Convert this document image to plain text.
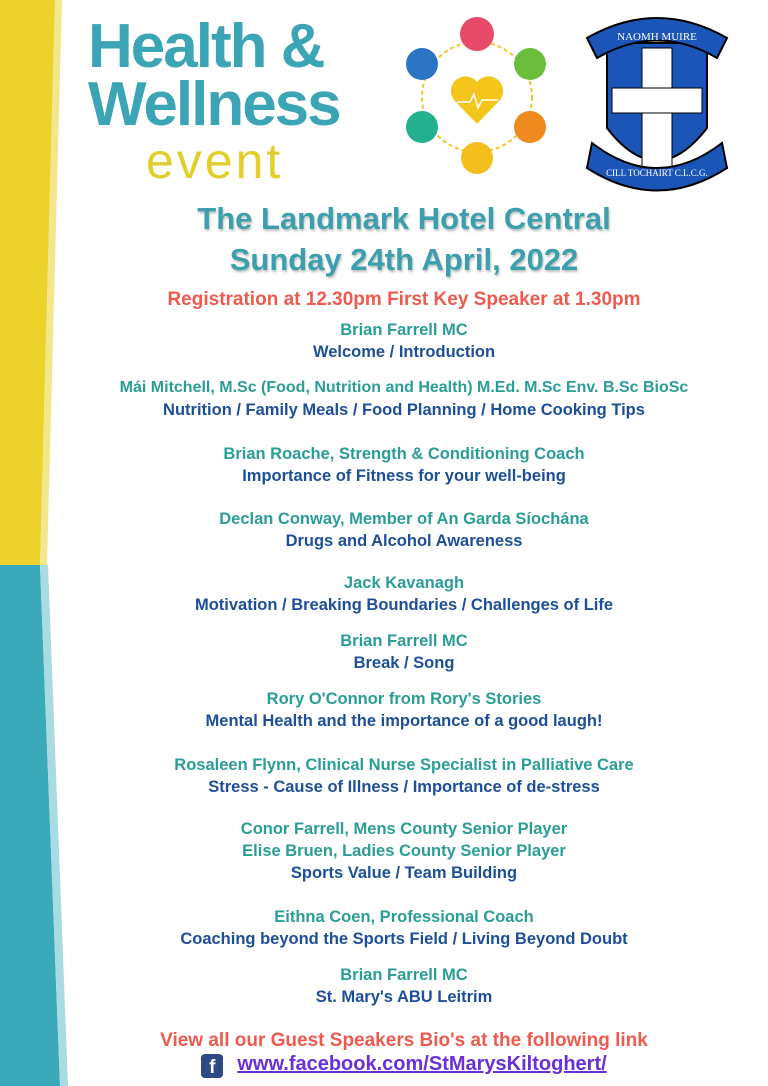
Health &
Wellness
event
NAOMH MUIRE
CILL TOCHAIRT C.L.C.G.
The Landmark Hotel Central
Sunday 24th April, 2022
Registration at 12.30pm First Key Speaker at 1.30pm
Brian Farrell MC
Welcome / Introduction
Mái Mitchell, M.Sc (Food, Nutrition and Health) M.Ed. M.Sc Env. B.Sc BioSc
Nutrition / Family Meals / Food Planning / Home Cooking Tips
Brian Roache, Strength & Conditioning Coach
Importance of Fitness for your well-being
Declan Conway, Member of An Garda Síochána
Drugs and Alcohol Awareness
Jack Kavanagh
Motivation / Breaking Boundaries / Challenges of Life
Brian Farrell MC
Break / Song
Rory O'Connor from Rory's Stories
Mental Health and the importance of a good laugh!
Rosaleen Flynn, Clinical Nurse Specialist in Palliative Care
Stress - Cause of Illness / Importance of de-stress
Conor Farrell, Mens County Senior Player
Elise Bruen, Ladies County Senior Player
Sports Value / Team Building
Eithna Coen, Professional Coach
Coaching beyond the Sports Field / Living Beyond Doubt
Brian Farrell MC
St. Mary's ABU Leitrim
View all our Guest Speakers Bio's at the following link
f www.facebook.com/StMarysKiltoghert/
